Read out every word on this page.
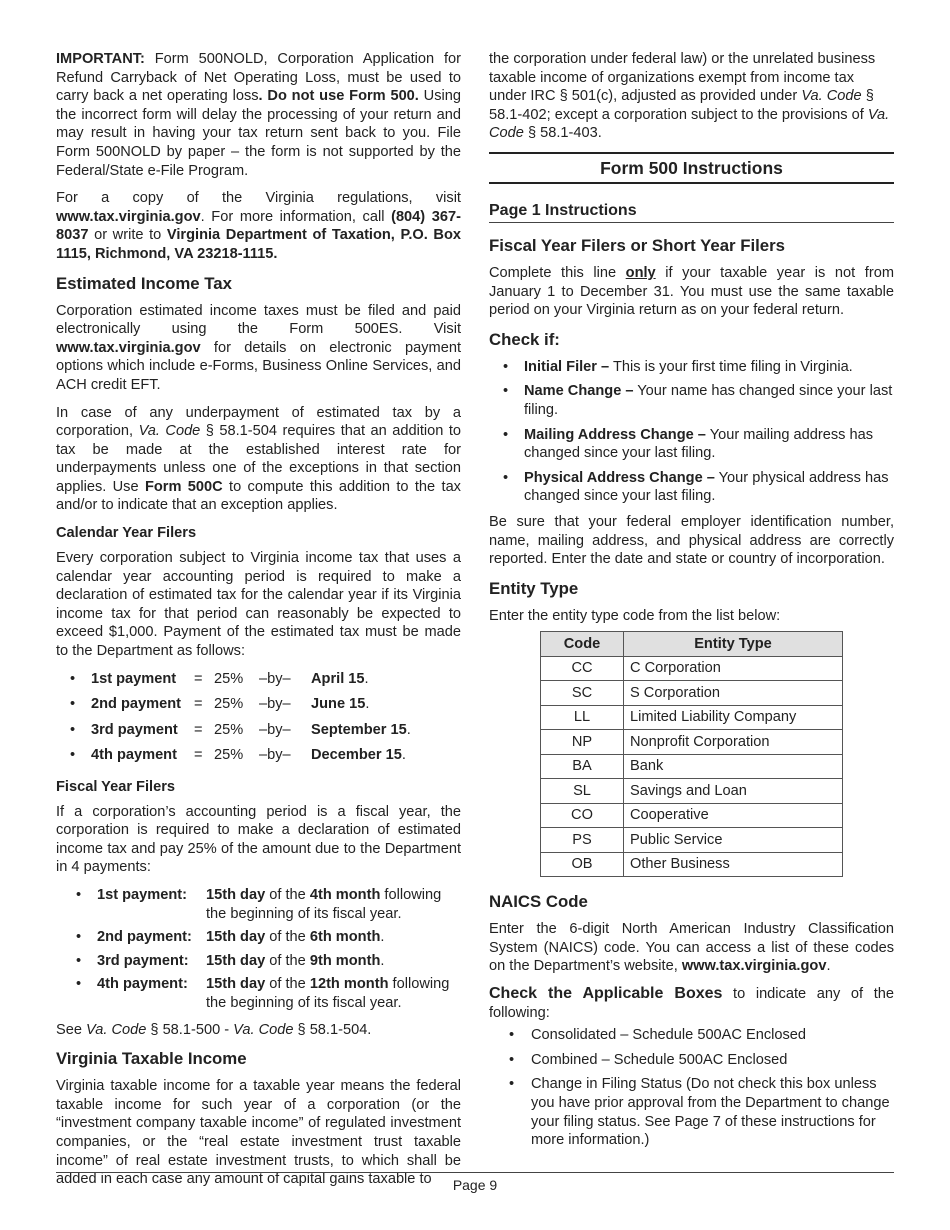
IMPORTANT: Form 500NOLD, Corporation Application for Refund Carryback of Net Operating Loss, must be used to carry back a net operating loss. Do not use Form 500. Using the incorrect form will delay the processing of your return and may result in having your tax return sent back to you. File Form 500NOLD by paper – the form is not supported by the Federal/State e-File Program.

For a copy of the Virginia regulations, visit www.tax.virginia.gov. For more information, call (804) 367-8037 or write to Virginia Department of Taxation, P.O. Box 1115, Richmond, VA 23218-1115.

Estimated Income Tax

Corporation estimated income taxes must be filed and paid electronically using the Form 500ES. Visit www.tax.virginia.gov for details on electronic payment options which include e-Forms, Business Online Services, and ACH credit EFT.

In case of any underpayment of estimated tax by a corporation, Va. Code § 58.1-504 requires that an addition to tax be made at the established interest rate for underpayments unless one of the exceptions in that section applies. Use Form 500C to compute this addition to the tax and/or to indicate that an exception applies.

Calendar Year Filers

Every corporation subject to Virginia income tax that uses a calendar year accounting period is required to make a declaration of estimated tax for the calendar year if its Virginia income tax for that period can reasonably be expected to exceed $1,000. Payment of the estimated tax must be made to the Department as follows:

• 1st payment = 25% –by– April 15.
• 2nd payment = 25% –by– June 15.
• 3rd payment = 25% –by– September 15.
• 4th payment = 25% –by– December 15.
Fiscal Year Filers

If a corporation’s accounting period is a fiscal year, the corporation is required to make a declaration of estimated income tax and pay 25% of the amount due to the Department in 4 payments:

• 1st payment: 15th day of the 4th month following the beginning of its fiscal year.
• 2nd payment: 15th day of the 6th month.
• 3rd payment: 15th day of the 9th month.
• 4th payment: 15th day of the 12th month following the beginning of its fiscal year.

See Va. Code § 58.1-500 - Va. Code § 58.1-504.

Virginia Taxable Income

Virginia taxable income for a taxable year means the federal taxable income for such year of a corporation (or the “investment company taxable income” of regulated investment companies, or the “real estate investment trust taxable income” of real estate investment trusts, to which shall be added in each case any amount of capital gains taxable to

the corporation under federal law) or the unrelated business taxable income of organizations exempt from income tax under IRC § 501(c), adjusted as provided under Va. Code § 58.1-402; except a corporation subject to the provisions of Va. Code § 58.1-403.

Form 500 Instructions
Page 1 Instructions
Fiscal Year Filers or Short Year Filers

Complete this line only if your taxable year is not from January 1 to December 31. You must use the same taxable period on your Virginia return as on your federal return.

Check if:
• Initial Filer – This is your first time filing in Virginia.
• Name Change – Your name has changed since your last filing.
• Mailing Address Change – Your mailing address has changed since your last filing.
• Physical Address Change – Your physical address has changed since your last filing.

Be sure that your federal employer identification number, name, mailing address, and physical address are correctly reported. Enter the date and state or country of incorporation.

Entity Type

Enter the entity type code from the list below:

Code	Entity Type
CC	C Corporation
SC	S Corporation
LL	Limited Liability Company
NP	Nonprofit Corporation
BA	Bank
SL	Savings and Loan
CO	Cooperative
PS	Public Service
OB	Other Business
NAICS Code

Enter the 6-digit North American Industry Classification System (NAICS) code. You can access a list of these codes on the Department’s website, www.tax.virginia.gov.

Check the Applicable Boxes to indicate any of the following:

• Consolidated – Schedule 500AC Enclosed
• Combined – Schedule 500AC Enclosed
• Change in Filing Status (Do not check this box unless you have prior approval from the Department to change your filing status. See Page 7 of these instructions for more information.)
Page 9
